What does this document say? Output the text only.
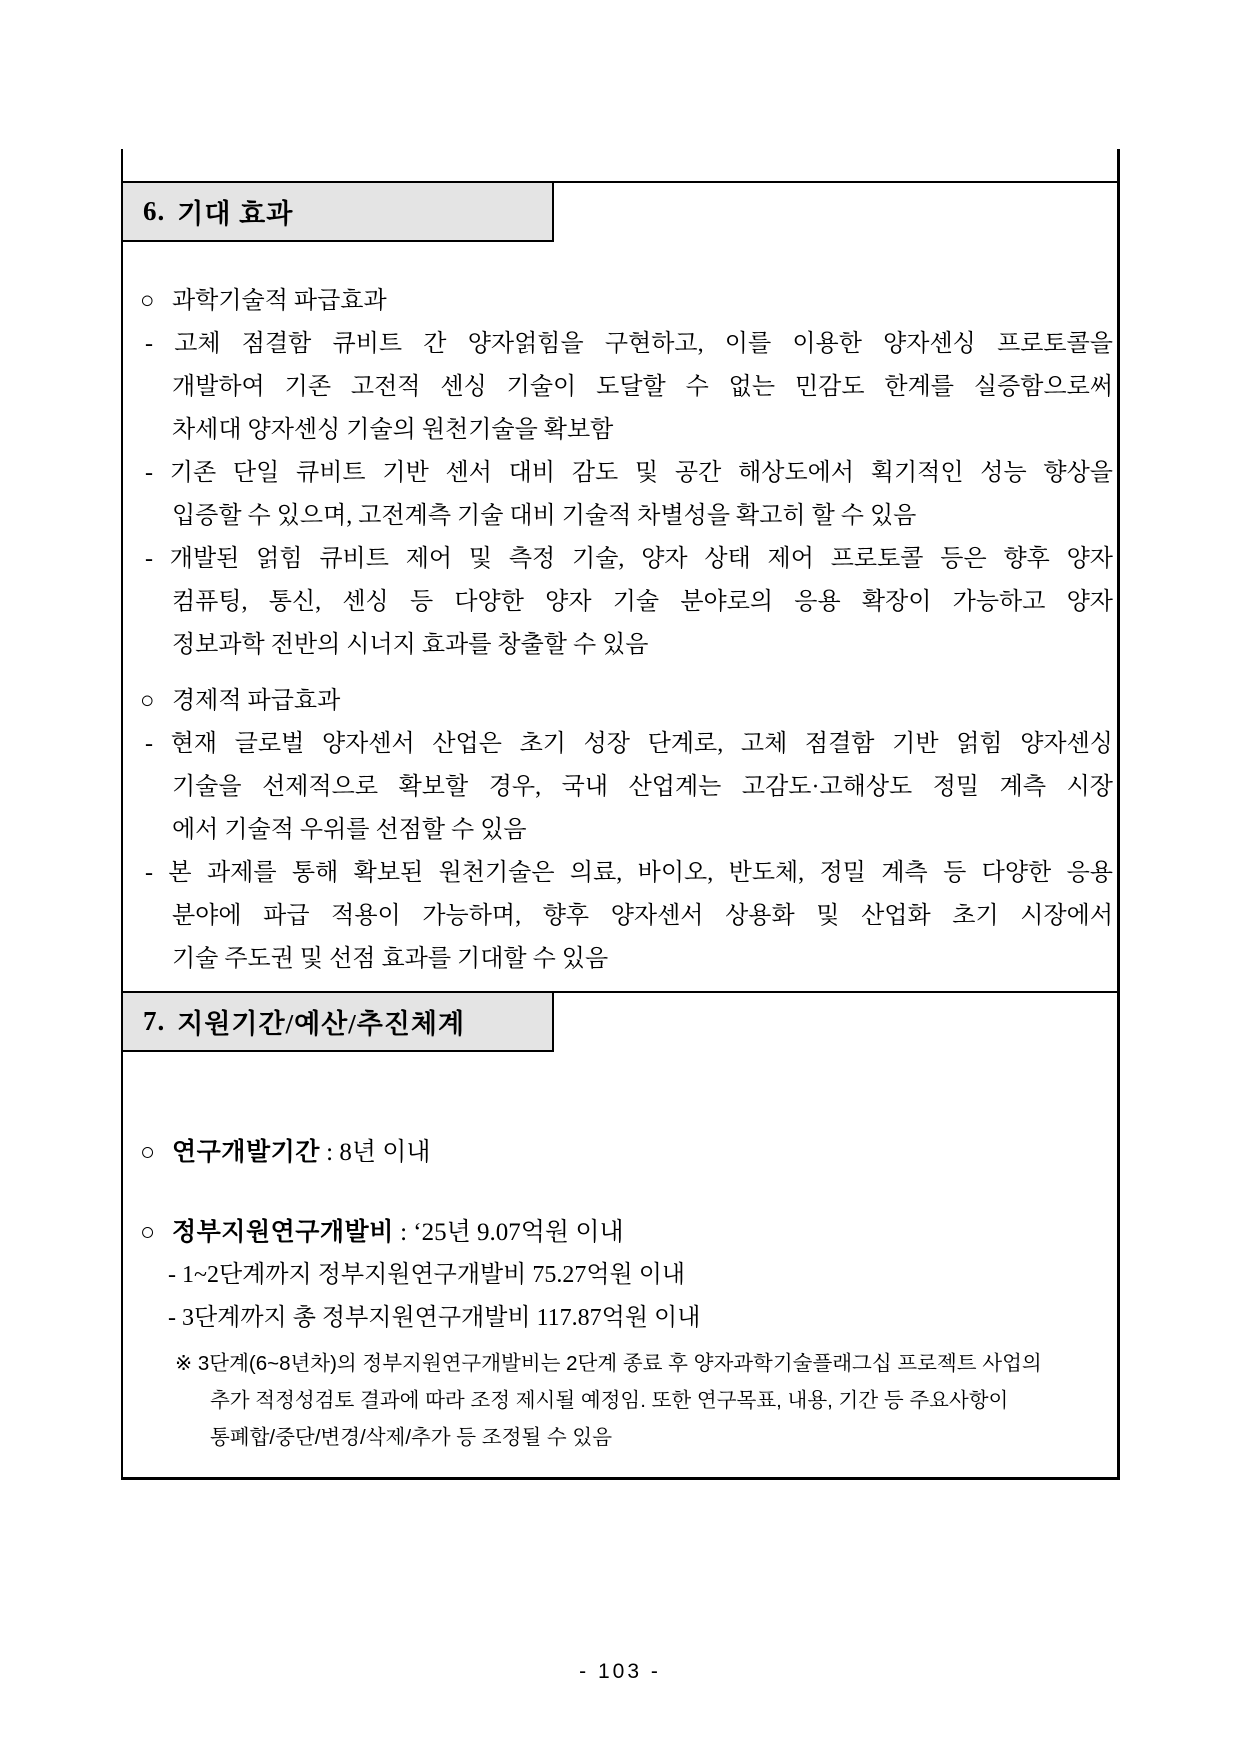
6. 기대 효과
○ 과학기술적 파급효과
- 고체 점결함 큐비트 간 양자얽힘을 구현하고, 이를 이용한 양자센싱 프로토콜을
개발하여 기존 고전적 센싱 기술이 도달할 수 없는 민감도 한계를 실증함으로써
차세대 양자센싱 기술의 원천기술을 확보함
- 기존 단일 큐비트 기반 센서 대비 감도 및 공간 해상도에서 획기적인 성능 향상을
입증할 수 있으며, 고전계측 기술 대비 기술적 차별성을 확고히 할 수 있음
- 개발된 얽힘 큐비트 제어 및 측정 기술, 양자 상태 제어 프로토콜 등은 향후 양자
컴퓨팅, 통신, 센싱 등 다양한 양자 기술 분야로의 응용 확장이 가능하고 양자
정보과학 전반의 시너지 효과를 창출할 수 있음
○ 경제적 파급효과
- 현재 글로벌 양자센서 산업은 초기 성장 단계로, 고체 점결함 기반 얽힘 양자센싱
기술을 선제적으로 확보할 경우, 국내 산업계는 고감도·고해상도 정밀 계측 시장
에서 기술적 우위를 선점할 수 있음
- 본 과제를 통해 확보된 원천기술은 의료, 바이오, 반도체, 정밀 계측 등 다양한 응용
분야에 파급 적용이 가능하며, 향후 양자센서 상용화 및 산업화 초기 시장에서
기술 주도권 및 선점 효과를 기대할 수 있음
7. 지원기간/예산/추진체계
○ 연구개발기간 : 8년 이내
○ 정부지원연구개발비 : ‘25년 9.07억원 이내
- 1~2단계까지 정부지원연구개발비 75.27억원 이내
- 3단계까지 총 정부지원연구개발비 117.87억원 이내
※ 3단계(6~8년차)의 정부지원연구개발비는 2단계 종료 후 양자과학기술플래그십 프로젝트 사업의
추가 적정성검토 결과에 따라 조정 제시될 예정임. 또한 연구목표, 내용, 기간 등 주요사항이
통폐합/중단/변경/삭제/추가 등 조정될 수 있음
- 103 -
